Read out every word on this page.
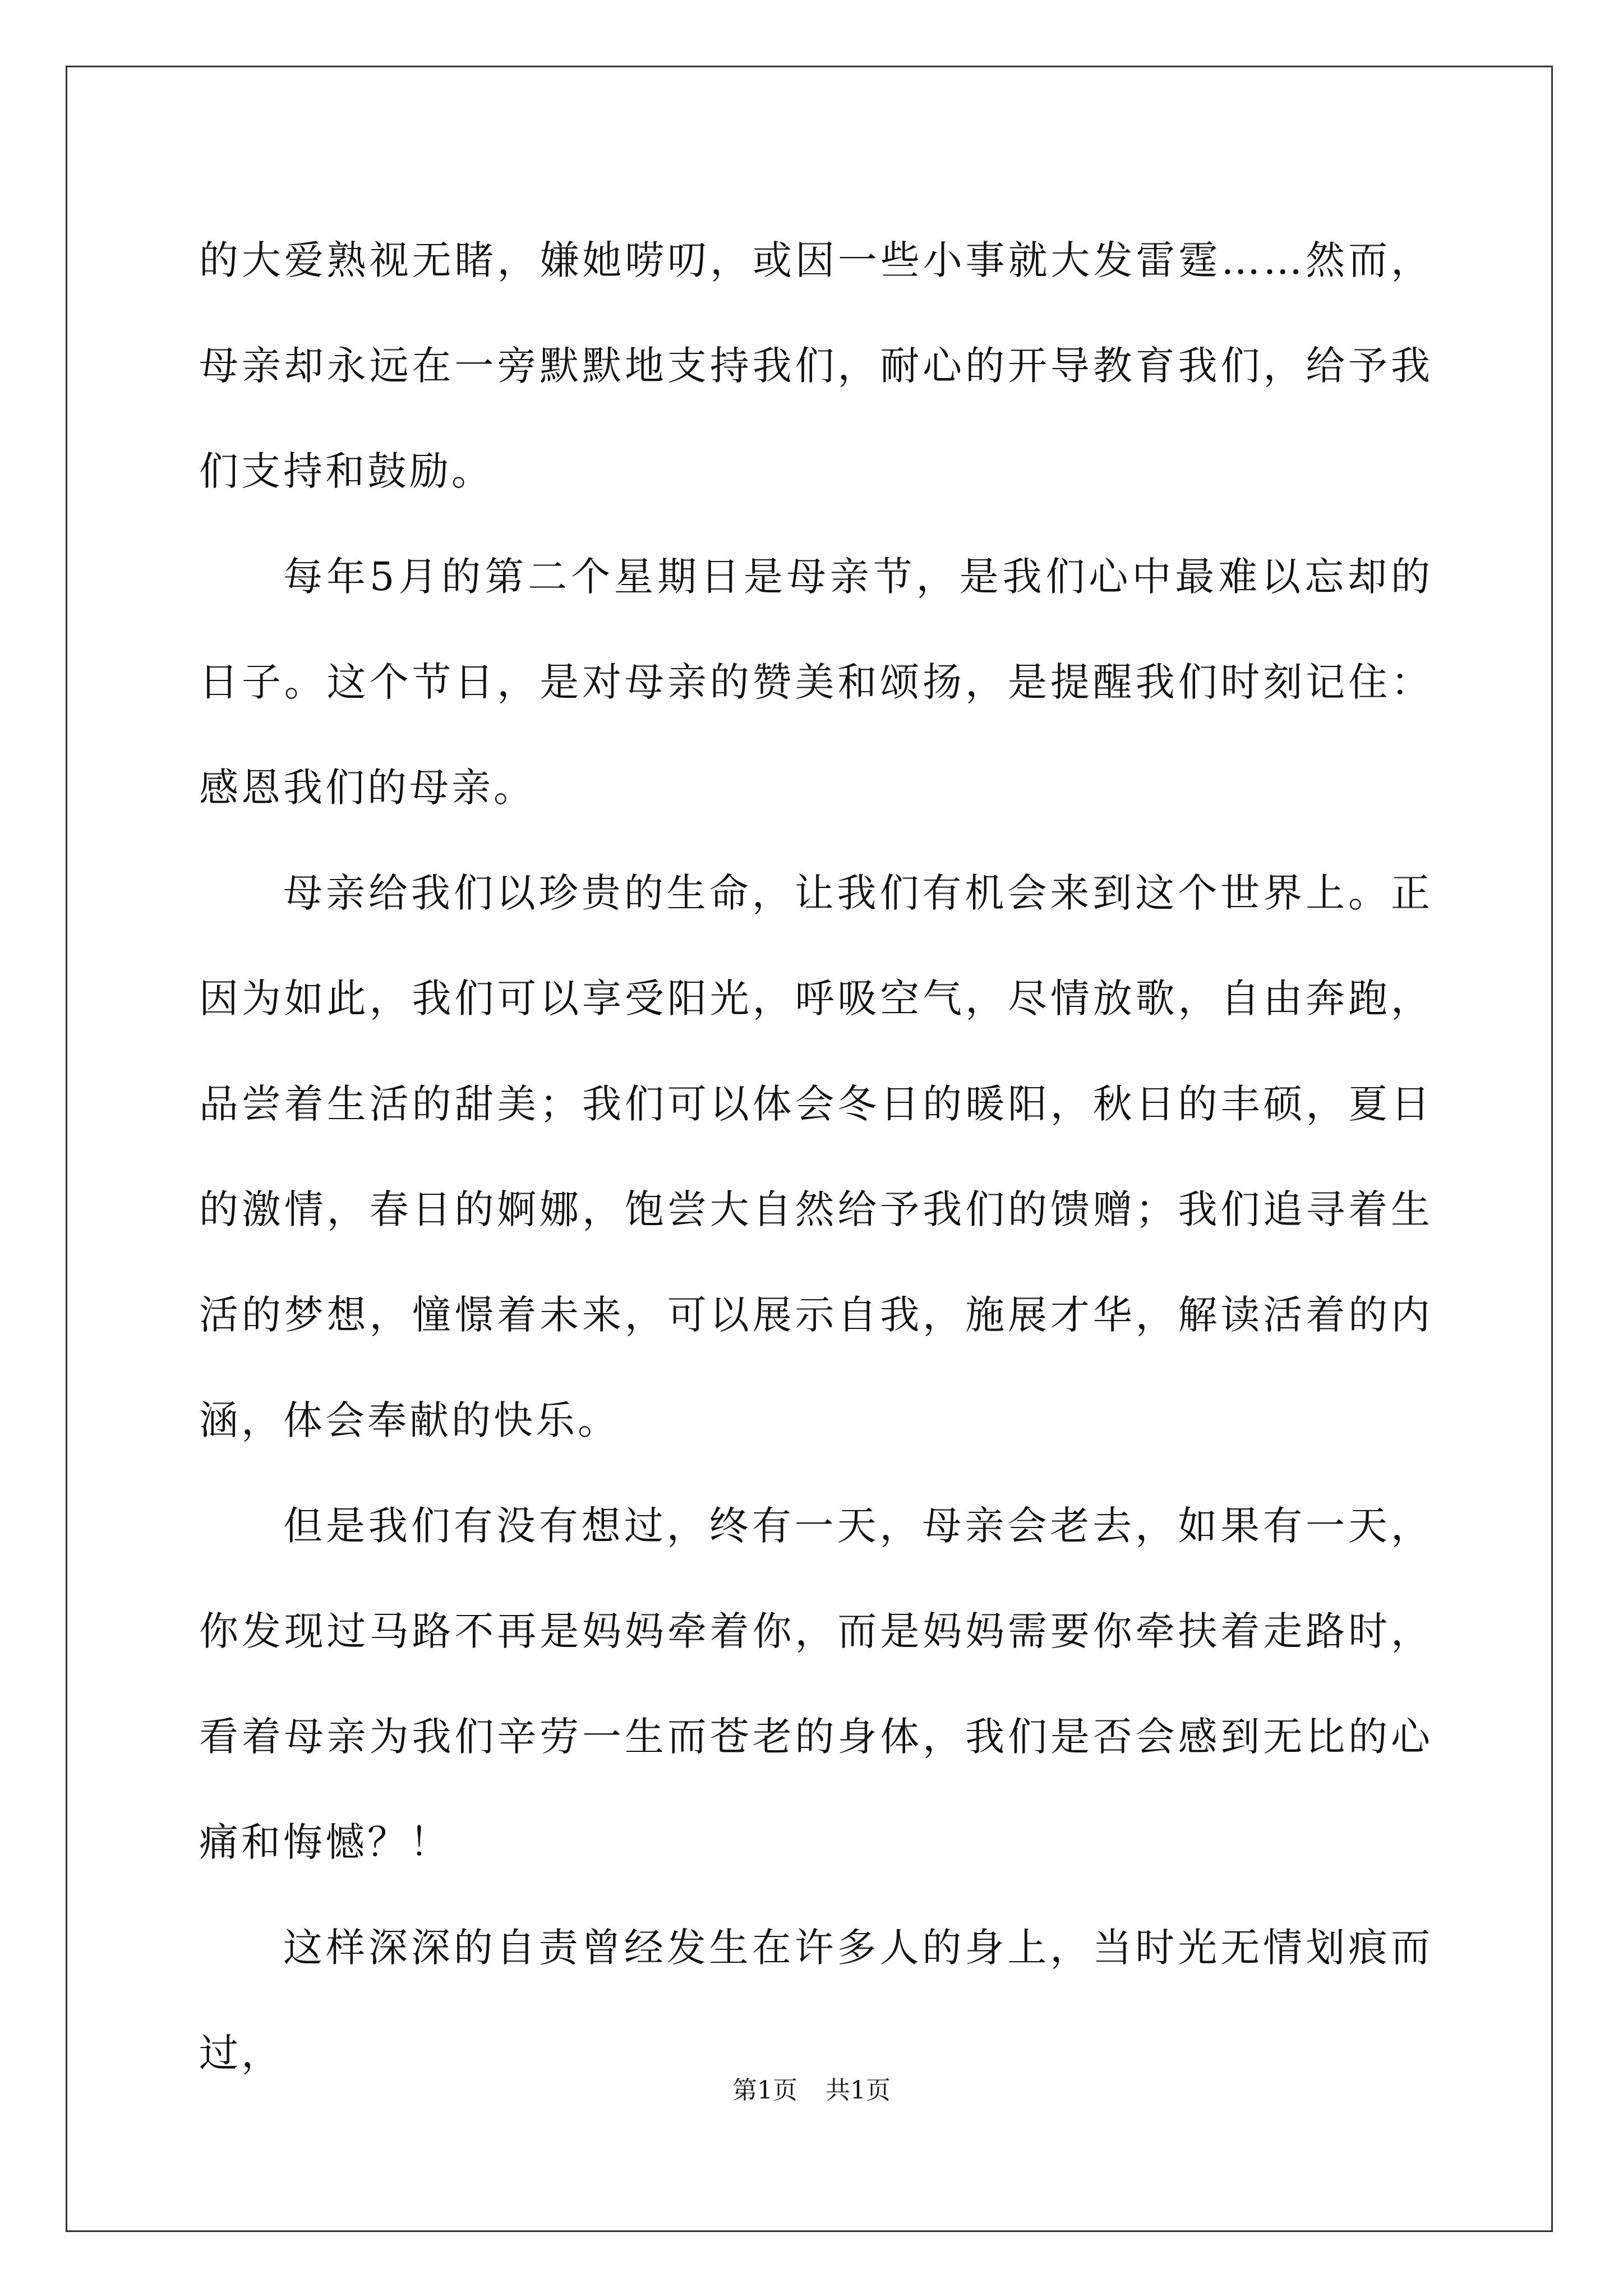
的大爱熟视无睹，嫌她唠叨，或因一些小事就大发雷霆……然而，母亲却永远在一旁默默地支持我们，耐心的开导教育我们，给予我们支持和鼓励。

每年5月的第二个星期日是母亲节，是我们心中最难以忘却的日子。这个节日，是对母亲的赞美和颂扬，是提醒我们时刻记住：感恩我们的母亲。

母亲给我们以珍贵的生命，让我们有机会来到这个世界上。正因为如此，我们可以享受阳光，呼吸空气，尽情放歌，自由奔跑，品尝着生活的甜美；我们可以体会冬日的暖阳，秋日的丰硕，夏日的激情，春日的婀娜，饱尝大自然给予我们的馈赠；我们追寻着生活的梦想，憧憬着未来，可以展示自我，施展才华，解读活着的内涵，体会奉献的快乐。

但是我们有没有想过，终有一天，母亲会老去，如果有一天，你发现过马路不再是妈妈牵着你，而是妈妈需要你牵扶着走路时，看着母亲为我们辛劳一生而苍老的身体，我们是否会感到无比的心痛和悔憾？！

这样深深的自责曾经发生在许多人的身上，当时光无情划痕而过，

第1页 共1页
